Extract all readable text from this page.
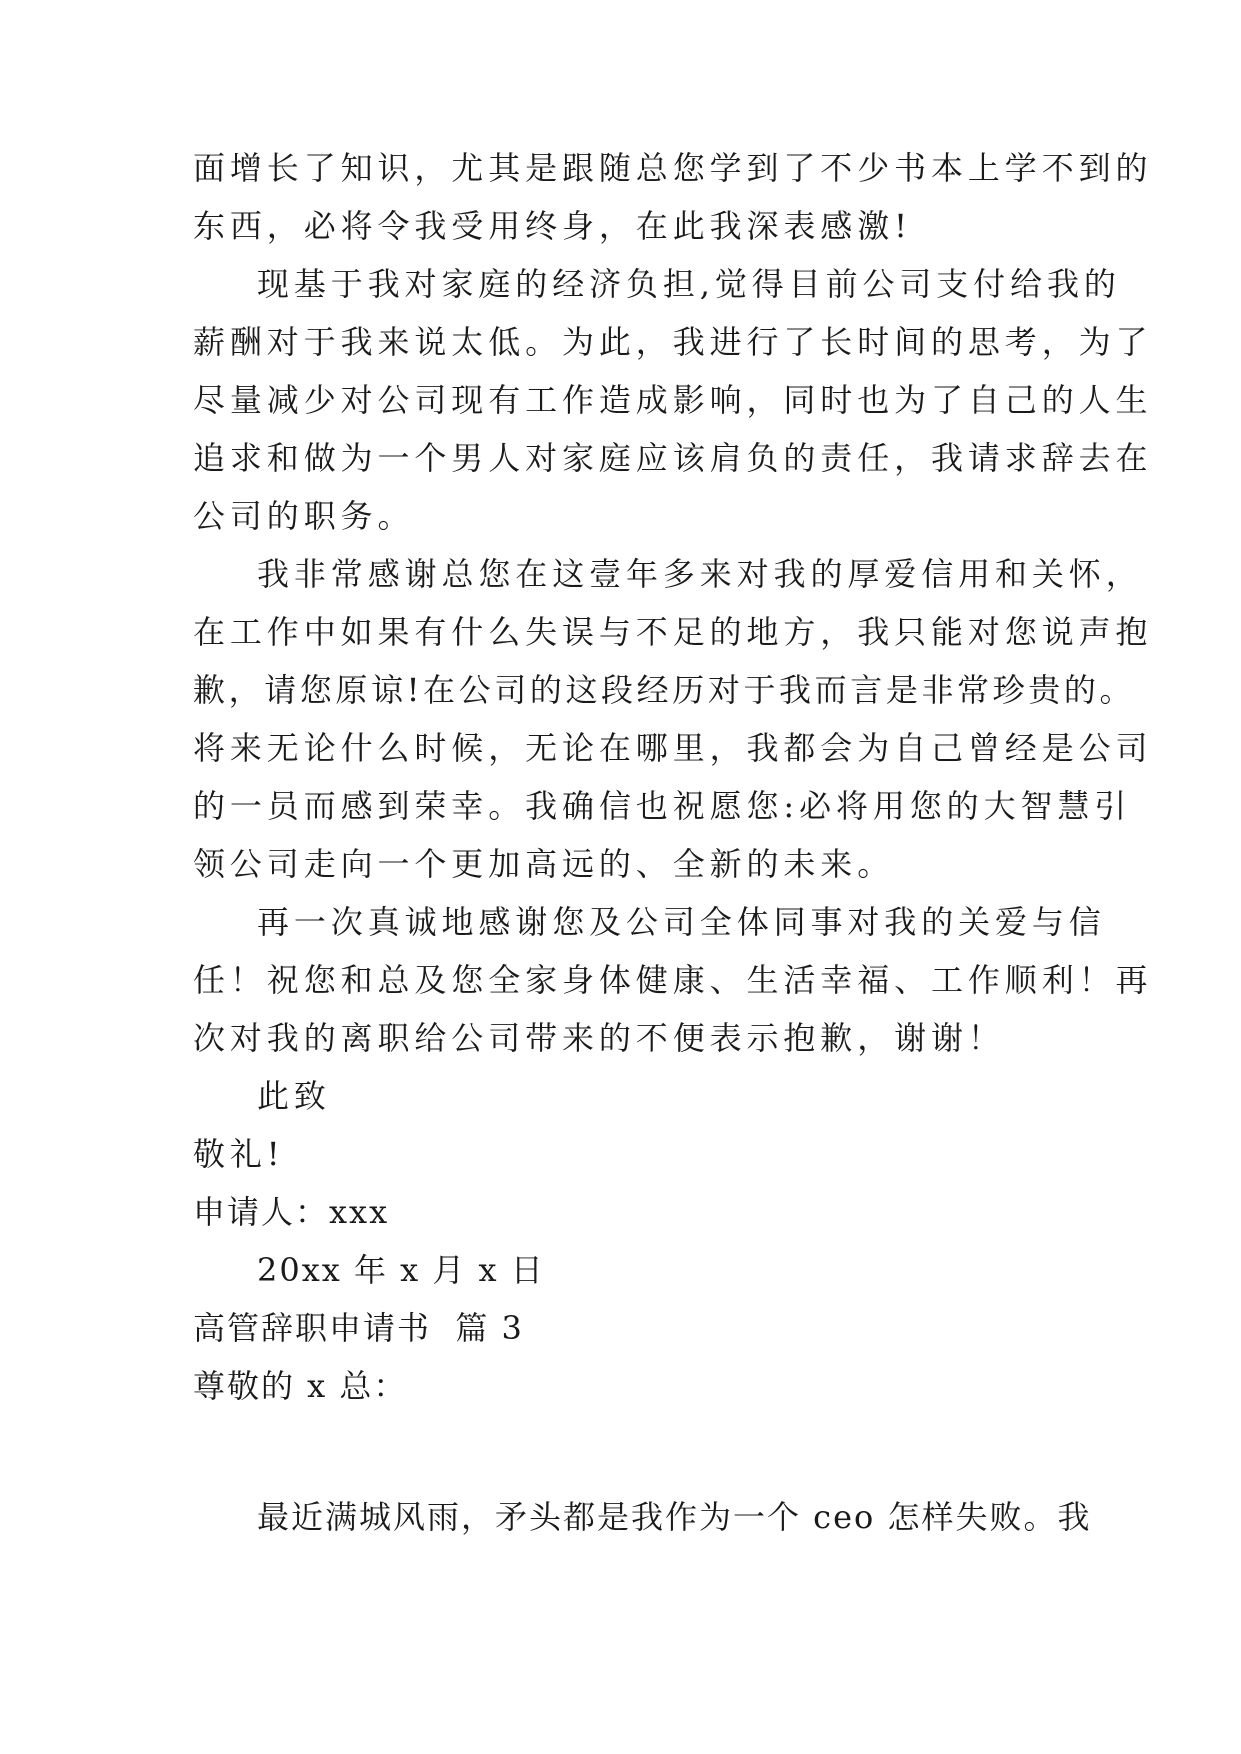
面增长了知识，尤其是跟随总您学到了不少书本上学不到的

东西，必将令我受用终身，在此我深表感激!

现基于我对家庭的经济负担,觉得目前公司支付给我的

薪酬对于我来说太低。为此，我进行了长时间的思考，为了

尽量减少对公司现有工作造成影响，同时也为了自己的人生

追求和做为一个男人对家庭应该肩负的责任，我请求辞去在

公司的职务。

我非常感谢总您在这壹年多来对我的厚爱信用和关怀，

在工作中如果有什么失误与不足的地方，我只能对您说声抱

歉，请您原谅!在公司的这段经历对于我而言是非常珍贵的。

将来无论什么时候，无论在哪里，我都会为自己曾经是公司

的一员而感到荣幸。我确信也祝愿您:必将用您的大智慧引

领公司走向一个更加高远的、全新的未来。

再一次真诚地感谢您及公司全体同事对我的关爱与信

任！祝您和总及您全家身体健康、生活幸福、工作顺利！再

次对我的离职给公司带来的不便表示抱歉，谢谢！

此致

敬礼!

申请人：xxx

20xx 年 x 月 x 日

高管辞职申请书  篇 3

尊敬的 x 总：

最近满城风雨，矛头都是我作为一个 ceo 怎样失败。我
